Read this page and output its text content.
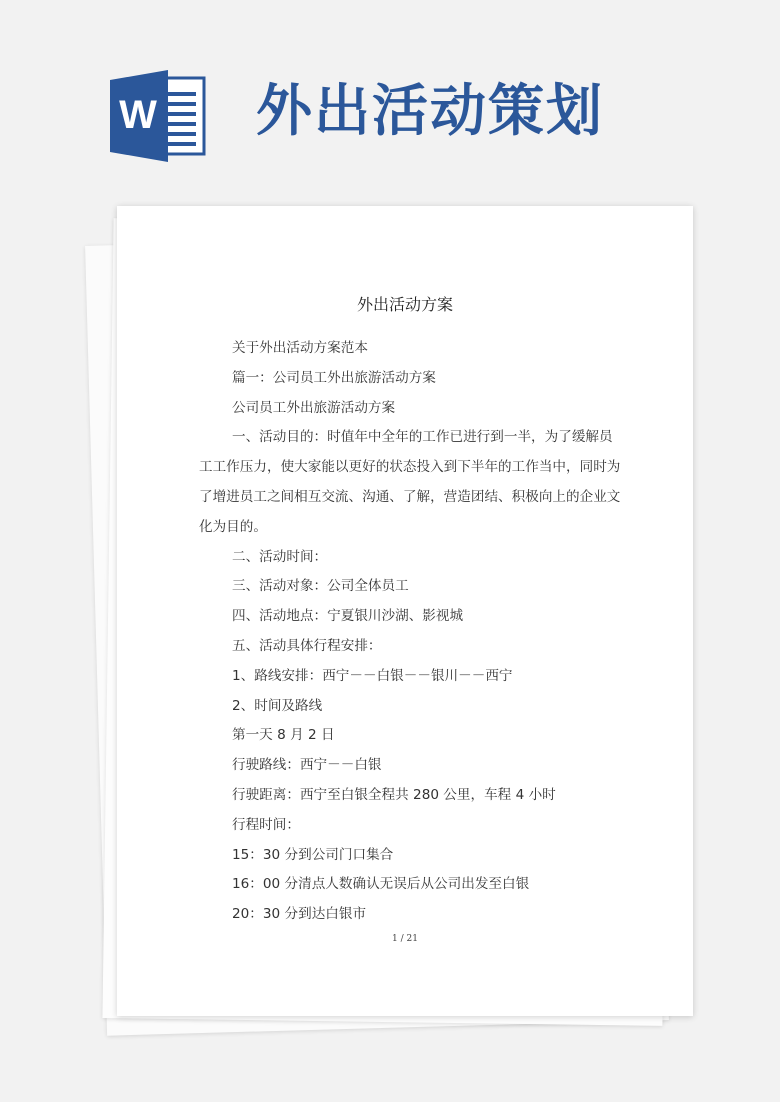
W 外出活动策划
外出活动方案
关于外出活动方案范本
篇一：公司员工外出旅游活动方案
公司员工外出旅游活动方案
一、活动目的：时值年中全年的工作已进行到一半，为了缓解员
工工作压力，使大家能以更好的状态投入到下半年的工作当中，同时为
了增进员工之间相互交流、沟通、了解，营造团结、积极向上的企业文
化为目的。
二、活动时间：
三、活动对象：公司全体员工
四、活动地点：宁夏银川沙湖、影视城
五、活动具体行程安排：
1、路线安排：西宁－－白银－－银川－－西宁
2、时间及路线
第一天 8 月 2 日
行驶路线：西宁－－白银
行驶距离：西宁至白银全程共 280 公里，车程 4 小时
行程时间：
15：30 分到公司门口集合
16：00 分清点人数确认无误后从公司出发至白银
20：30 分到达白银市
1 / 21
